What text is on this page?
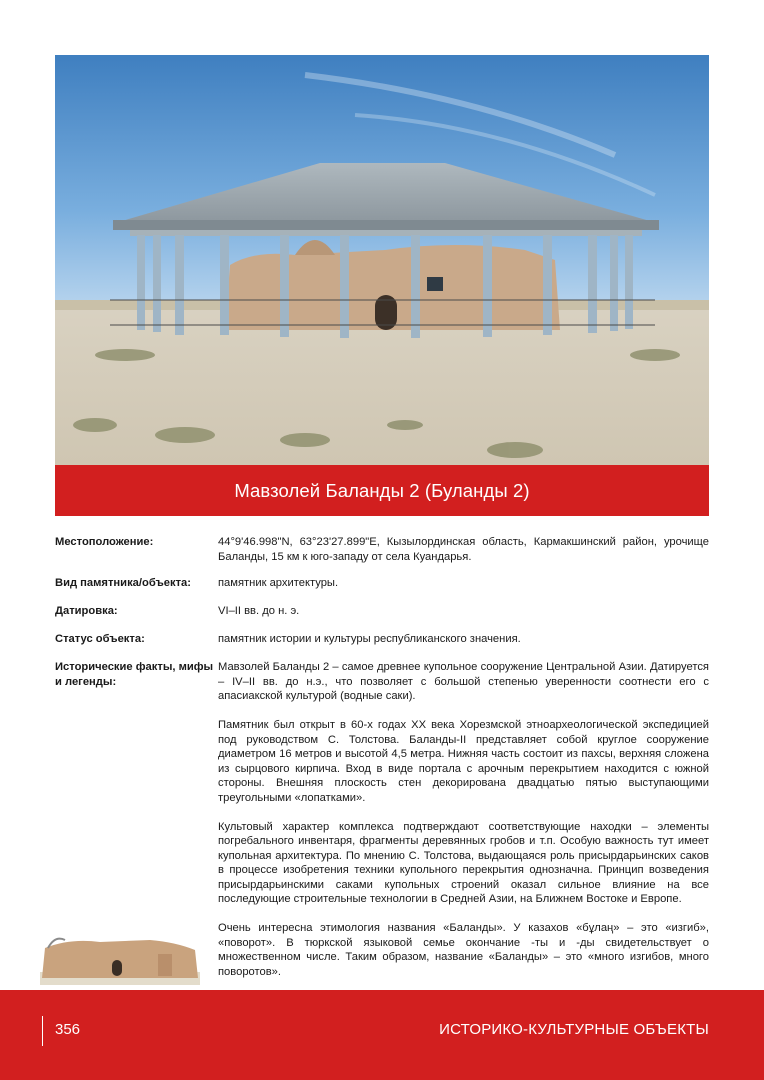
Мавзолей Баланды 2 (Буланды 2)
Местоположение:	44°9'46.998"N, 63°23'27.899"E, Кызылординская область, Кармакшинский район, урочище Баланды, 15 км к юго-западу от села Куандарья.

Вид памятника/объекта:	памятник архитектуры.

Датировка:	VI–II вв. до н. э.

Статус объекта:	памятник истории и культуры республиканского значения.

Исторические факты, мифы и легенды:

Мавзолей Баланды 2 – самое древнее купольное сооружение Центральной Азии. Датируется – IV–II вв. до н.э., что позволяет с большой степенью уверенности соотнести его с апасиакской культурой (водные саки).

Памятник был открыт в 60-х годах ХХ века Хорезмской этноархеологической экспедицией под руководством С. Толстова. Баланды-II представляет собой круглое сооружение диаметром 16 метров и высотой 4,5 метра. Нижняя часть состоит из пахсы, верхняя сложена из сырцового кирпича. Вход в виде портала с арочным перекрытием находится с южной стороны. Внешняя плоскость стен декорирована двадцатью пятью выступающими треугольными «лопатками».

Культовый характер комплекса подтверждают соответствующие находки – элементы погребального инвентаря, фрагменты деревянных гробов и т.п. Особую важность тут имеет купольная архитектура. По мнению С. Толстова, выдающаяся роль присырдарьинских саков в процессе изобретения техники купольного перекрытия однозначна. Принцип возведения присырдарьинскими саками купольных строений оказал сильное влияние на все последующие строительные технологии в Средней Азии, на Ближнем Востоке и Европе.

Очень интересна этимология названия «Баланды». У казахов «бұлаң» – это «изгиб», «поворот». В тюркской языковой семье окончание -ты и -ды свидетельствует о множественном числе. Таким образом, название «Баланды» – это «много изгибов, много поворотов».

356	ИСТОРИКО-КУЛЬТУРНЫЕ ОБЪЕКТЫ
